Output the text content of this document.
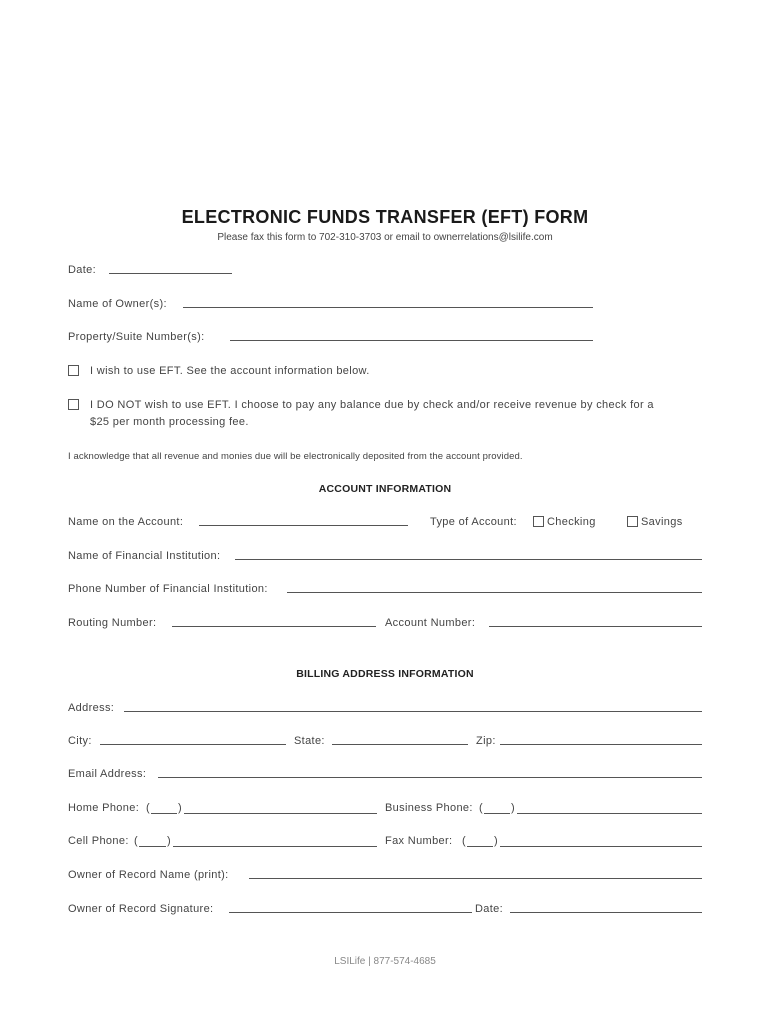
ELECTRONIC FUNDS TRANSFER (EFT) FORM
Please fax this form to 702-310-3703 or email to ownerrelations@lsilife.com
Date:
Name of Owner(s):
Property/Suite Number(s):
I wish to use EFT. See the account information below.
I DO NOT wish to use EFT. I choose to pay any balance due by check and/or receive revenue by check for a
$25 per month processing fee.
I acknowledge that all revenue and monies due will be electronically deposited from the account provided.
ACCOUNT INFORMATION
Name on the Account:	Type of Account:	Checking	Savings
Name of Financial Institution:
Phone Number of Financial Institution:
Routing Number:	Account Number:
BILLING ADDRESS INFORMATION
Address:
City:	State:	Zip:
Email Address:
Home Phone: (	)	Business Phone: (	)
Cell Phone: (	)	Fax Number: (	)
Owner of Record Name (print):
Owner of Record Signature:	Date:
LSILife | 877-574-4685
